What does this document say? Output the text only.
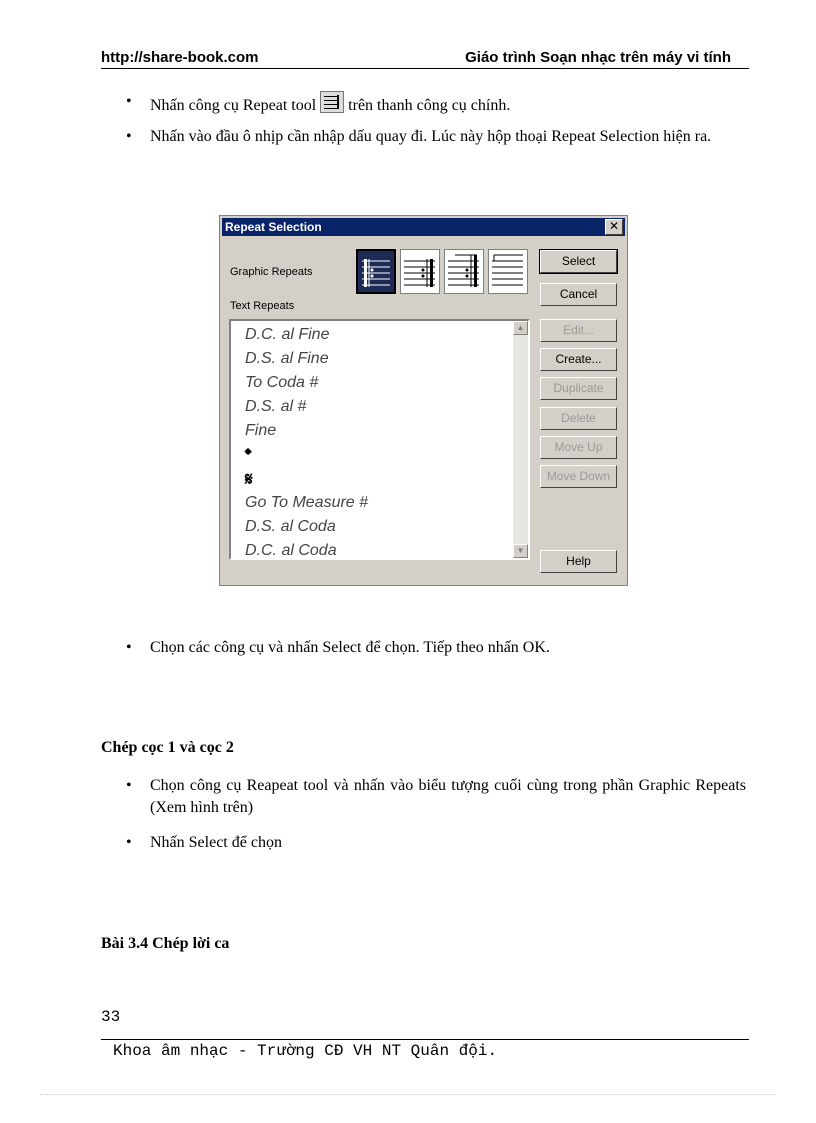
http://share-book.com	Giáo trình Soạn nhạc trên máy vi tính
• Nhấn công cụ Repeat tool trên thanh công cụ chính.
• Nhấn vào đầu ô nhịp cần nhập dấu quay đi. Lúc này hộp thoại Repeat Selection hiện ra.
Repeat Selection	✕
Graphic Repeats
Text Repeats
D.C. al Fine
D.S. al Fine
To Coda #
D.S. al #
Fine
𝄌
𝄋
Go To Measure #
D.S. al Coda
D.C. al Coda
▲
▼
Select
Cancel
Edit...
Create...
Duplicate
Delete
Move Up
Move Down
Help
• Chọn các công cụ và nhấn Select để chọn. Tiếp theo nhấn OK.
Chép cọc 1 và cọc 2
• Chọn công cụ Reapeat tool và nhấn vào biểu tượng cuối cùng trong phần Graphic Repeats (Xem hình trên)
• Nhấn Select để chọn
Bài 3.4 Chép lời ca
33
Khoa âm nhạc - Trường CĐ VH NT Quân đội.
